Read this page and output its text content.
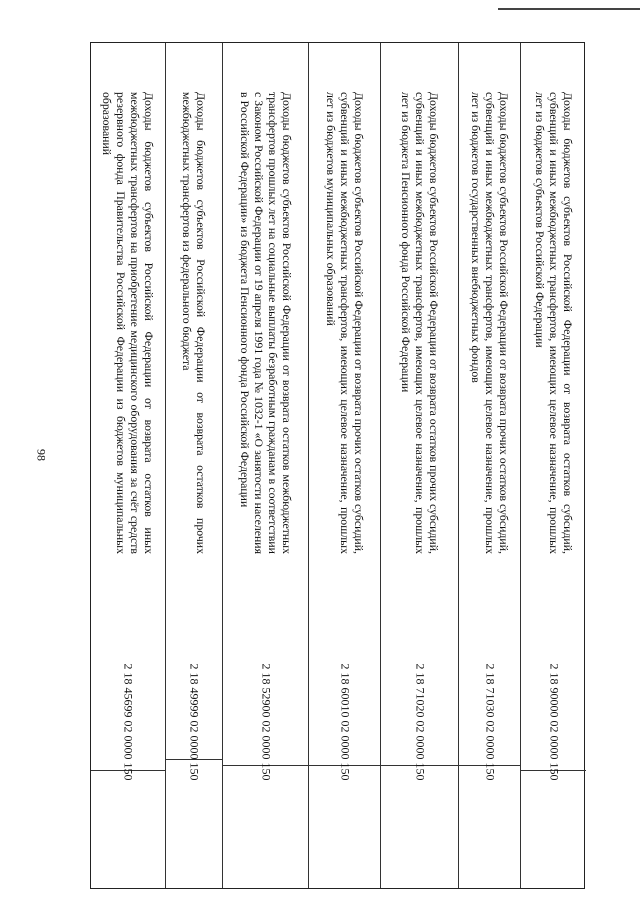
98
2 18 45699 02 0000 150
Доходы бюджетов субъектов Российской Федерации от возврата остатков иных межбюджетных трансфертов на приобретение медицинского оборудования за счёт средств резервного фонда Правительства Российской Федерации из бюджетов муниципальных образований
2 18 49999 02 0000 150
Доходы бюджетов субъектов Российской Федерации от возврата остатков прочих межбюджетных трансфертов из федерального бюджета
2 18 52900 02 0000 150
Доходы бюджетов субъектов Российской Федерации от возврата остатков межбюджетных трансфертов прошлых лет на социальные выплаты безработным гражданам в соответствии с Законом Российской Федерации от 19 апреля 1991 года № 1032-1 «О занятости населения в Российской Федерации» из бюджета Пенсионного фонда Российской Федерации
2 18 60010 02 0000 150
Доходы бюджетов субъектов Российской Федерации от возврата прочих остатков субсидий, субвенций и иных межбюджетных трансфертов, имеющих целевое назначение, прошлых лет из бюджетов муниципальных образований
2 18 71020 02 0000 150
Доходы бюджетов субъектов Российской Федерации от возврата остатков прочих субсидий, субвенций и иных межбюджетных трансфертов, имеющих целевое назначение, прошлых лет из бюджета Пенсионного фонда Российской Федерации
2 18 71030 02 0000 150
Доходы бюджетов субъектов Российской Федерации от возврата прочих остатков субсидий, субвенций и иных межбюджетных трансфертов, имеющих целевое назначение, прошлых лет из бюджетов государственных внебюджетных фондов
2 18 90000 02 0000 150
Доходы бюджетов субъектов Российской Федерации от возврата остатков субсидий, субвенций и иных межбюджетных трансфертов, имеющих целевое назначение, прошлых лет из бюджетов субъектов Российской Федерации
